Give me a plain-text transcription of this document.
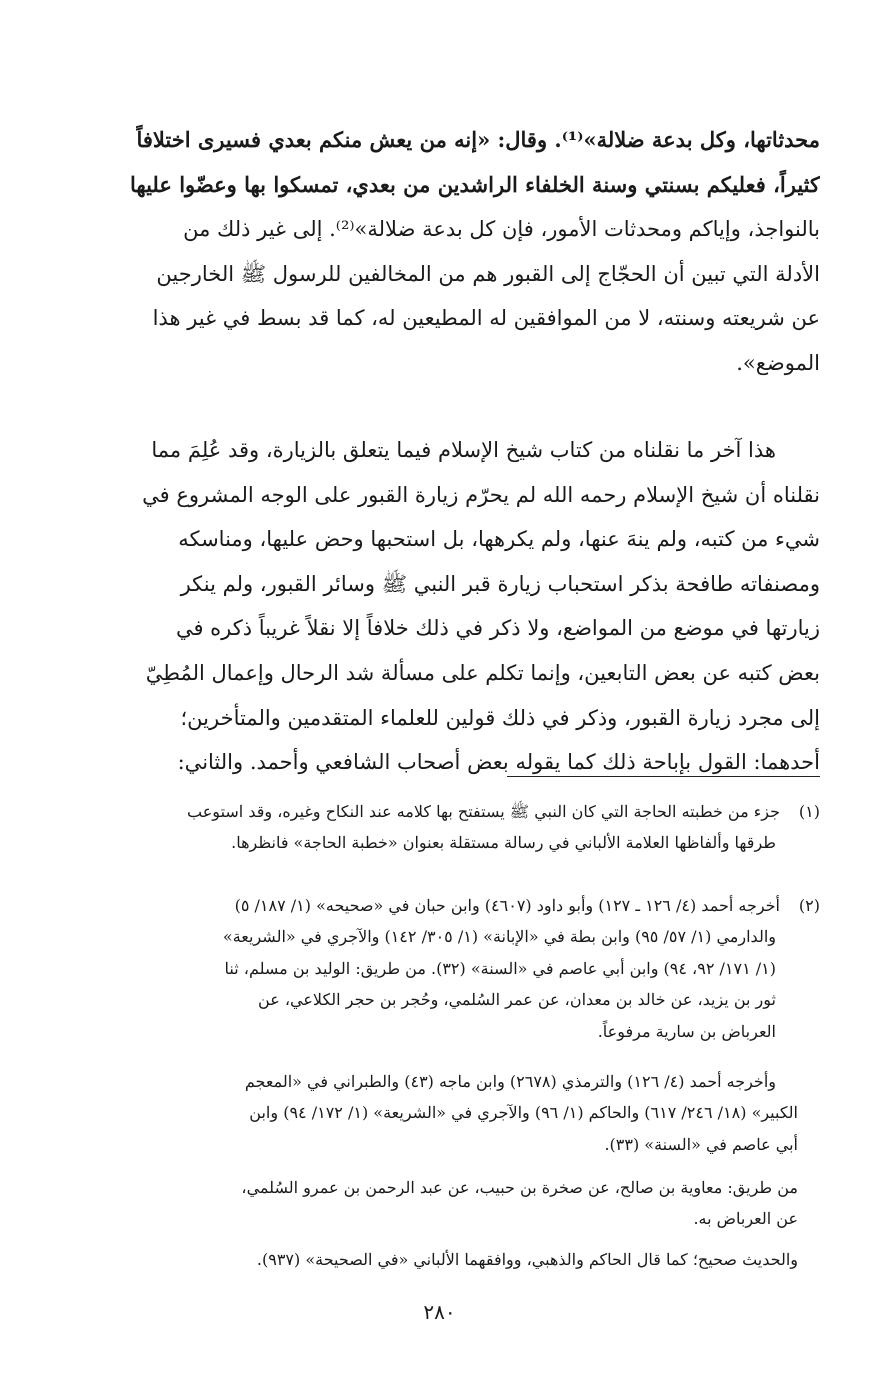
محدثاتها، وكل بدعة ضلالة»⁽¹⁾. وقال: «إنه من يعش منكم بعدي فسيرى اختلافاً
كثيراً، فعليكم بسنتي وسنة الخلفاء الراشدين من بعدي، تمسكوا بها وعضّوا عليها
بالنواجذ، وإياكم ومحدثات الأمور، فإن كل بدعة ضلالة»⁽²⁾. إلى غير ذلك من
الأدلة التي تبين أن الحجّاج إلى القبور هم من المخالفين للرسول ﷺ الخارجين
عن شريعته وسنته، لا من الموافقين له المطيعين له، كما قد بسط في غير هذا
الموضع».
هذا آخر ما نقلناه من كتاب شيخ الإسلام فيما يتعلق بالزيارة، وقد عُلِمَ مما
نقلناه أن شيخ الإسلام رحمه الله لم يحرّم زيارة القبور على الوجه المشروع في
شيء من كتبه، ولم ينهَ عنها، ولم يكرهها، بل استحبها وحض عليها، ومناسكه
ومصنفاته طافحة بذكر استحباب زيارة قبر النبي ﷺ وسائر القبور، ولم ينكر
زيارتها في موضع من المواضع، ولا ذكر في ذلك خلافاً إلا نقلاً غريباً ذكره في
بعض كتبه عن بعض التابعين، وإنما تكلم على مسألة شد الرحال وإعمال المُطِيّ
إلى مجرد زيارة القبور، وذكر في ذلك قولين للعلماء المتقدمين والمتأخرين؛
أحدهما: القول بإباحة ذلك كما يقوله بعض أصحاب الشافعي وأحمد. والثاني:
(١)جزء من خطبته الحاجة التي كان النبي ﷺ يستفتح بها كلامه عند النكاح وغيره، وقد استوعب
طرقها وألفاظها العلامة الألباني في رسالة مستقلة بعنوان «خطبة الحاجة» فانظرها.
(٢)أخرجه أحمد (٤/ ١٢٦ ـ ١٢٧) وأبو داود (٤٦٠٧) وابن حبان في «صحيحه» (١/ ١٨٧/ ٥)
والدارمي (١/ ٥٧/ ٩٥) وابن بطة في «الإبانة» (١/ ٣٠٥/ ١٤٢) والآجري في «الشريعة»
(١/ ١٧١/ ٩٢، ٩٤) وابن أبي عاصم في «السنة» (٣٢). من طريق: الوليد بن مسلم، ثنا
ثور بن يزيد، عن خالد بن معدان، عن عمر السُلمي، وحُجر بن حجر الكلاعي، عن
العرباض بن سارية مرفوعاً.
وأخرجه أحمد (٤/ ١٢٦) والترمذي (٢٦٧٨) وابن ماجه (٤٣) والطبراني في «المعجم
الكبير» (١٨/ ٢٤٦/ ٦١٧) والحاكم (١/ ٩٦) والآجري في «الشريعة» (١/ ١٧٢/ ٩٤) وابن
أبي عاصم في «السنة» (٣٣).
من طريق: معاوية بن صالح، عن صخرة بن حبيب، عن عبد الرحمن بن عمرو السُلمي،
عن العرباض به.
والحديث صحيح؛ كما قال الحاكم والذهبي، ووافقهما الألباني «في الصحيحة» (٩٣٧).
٢٨٠
